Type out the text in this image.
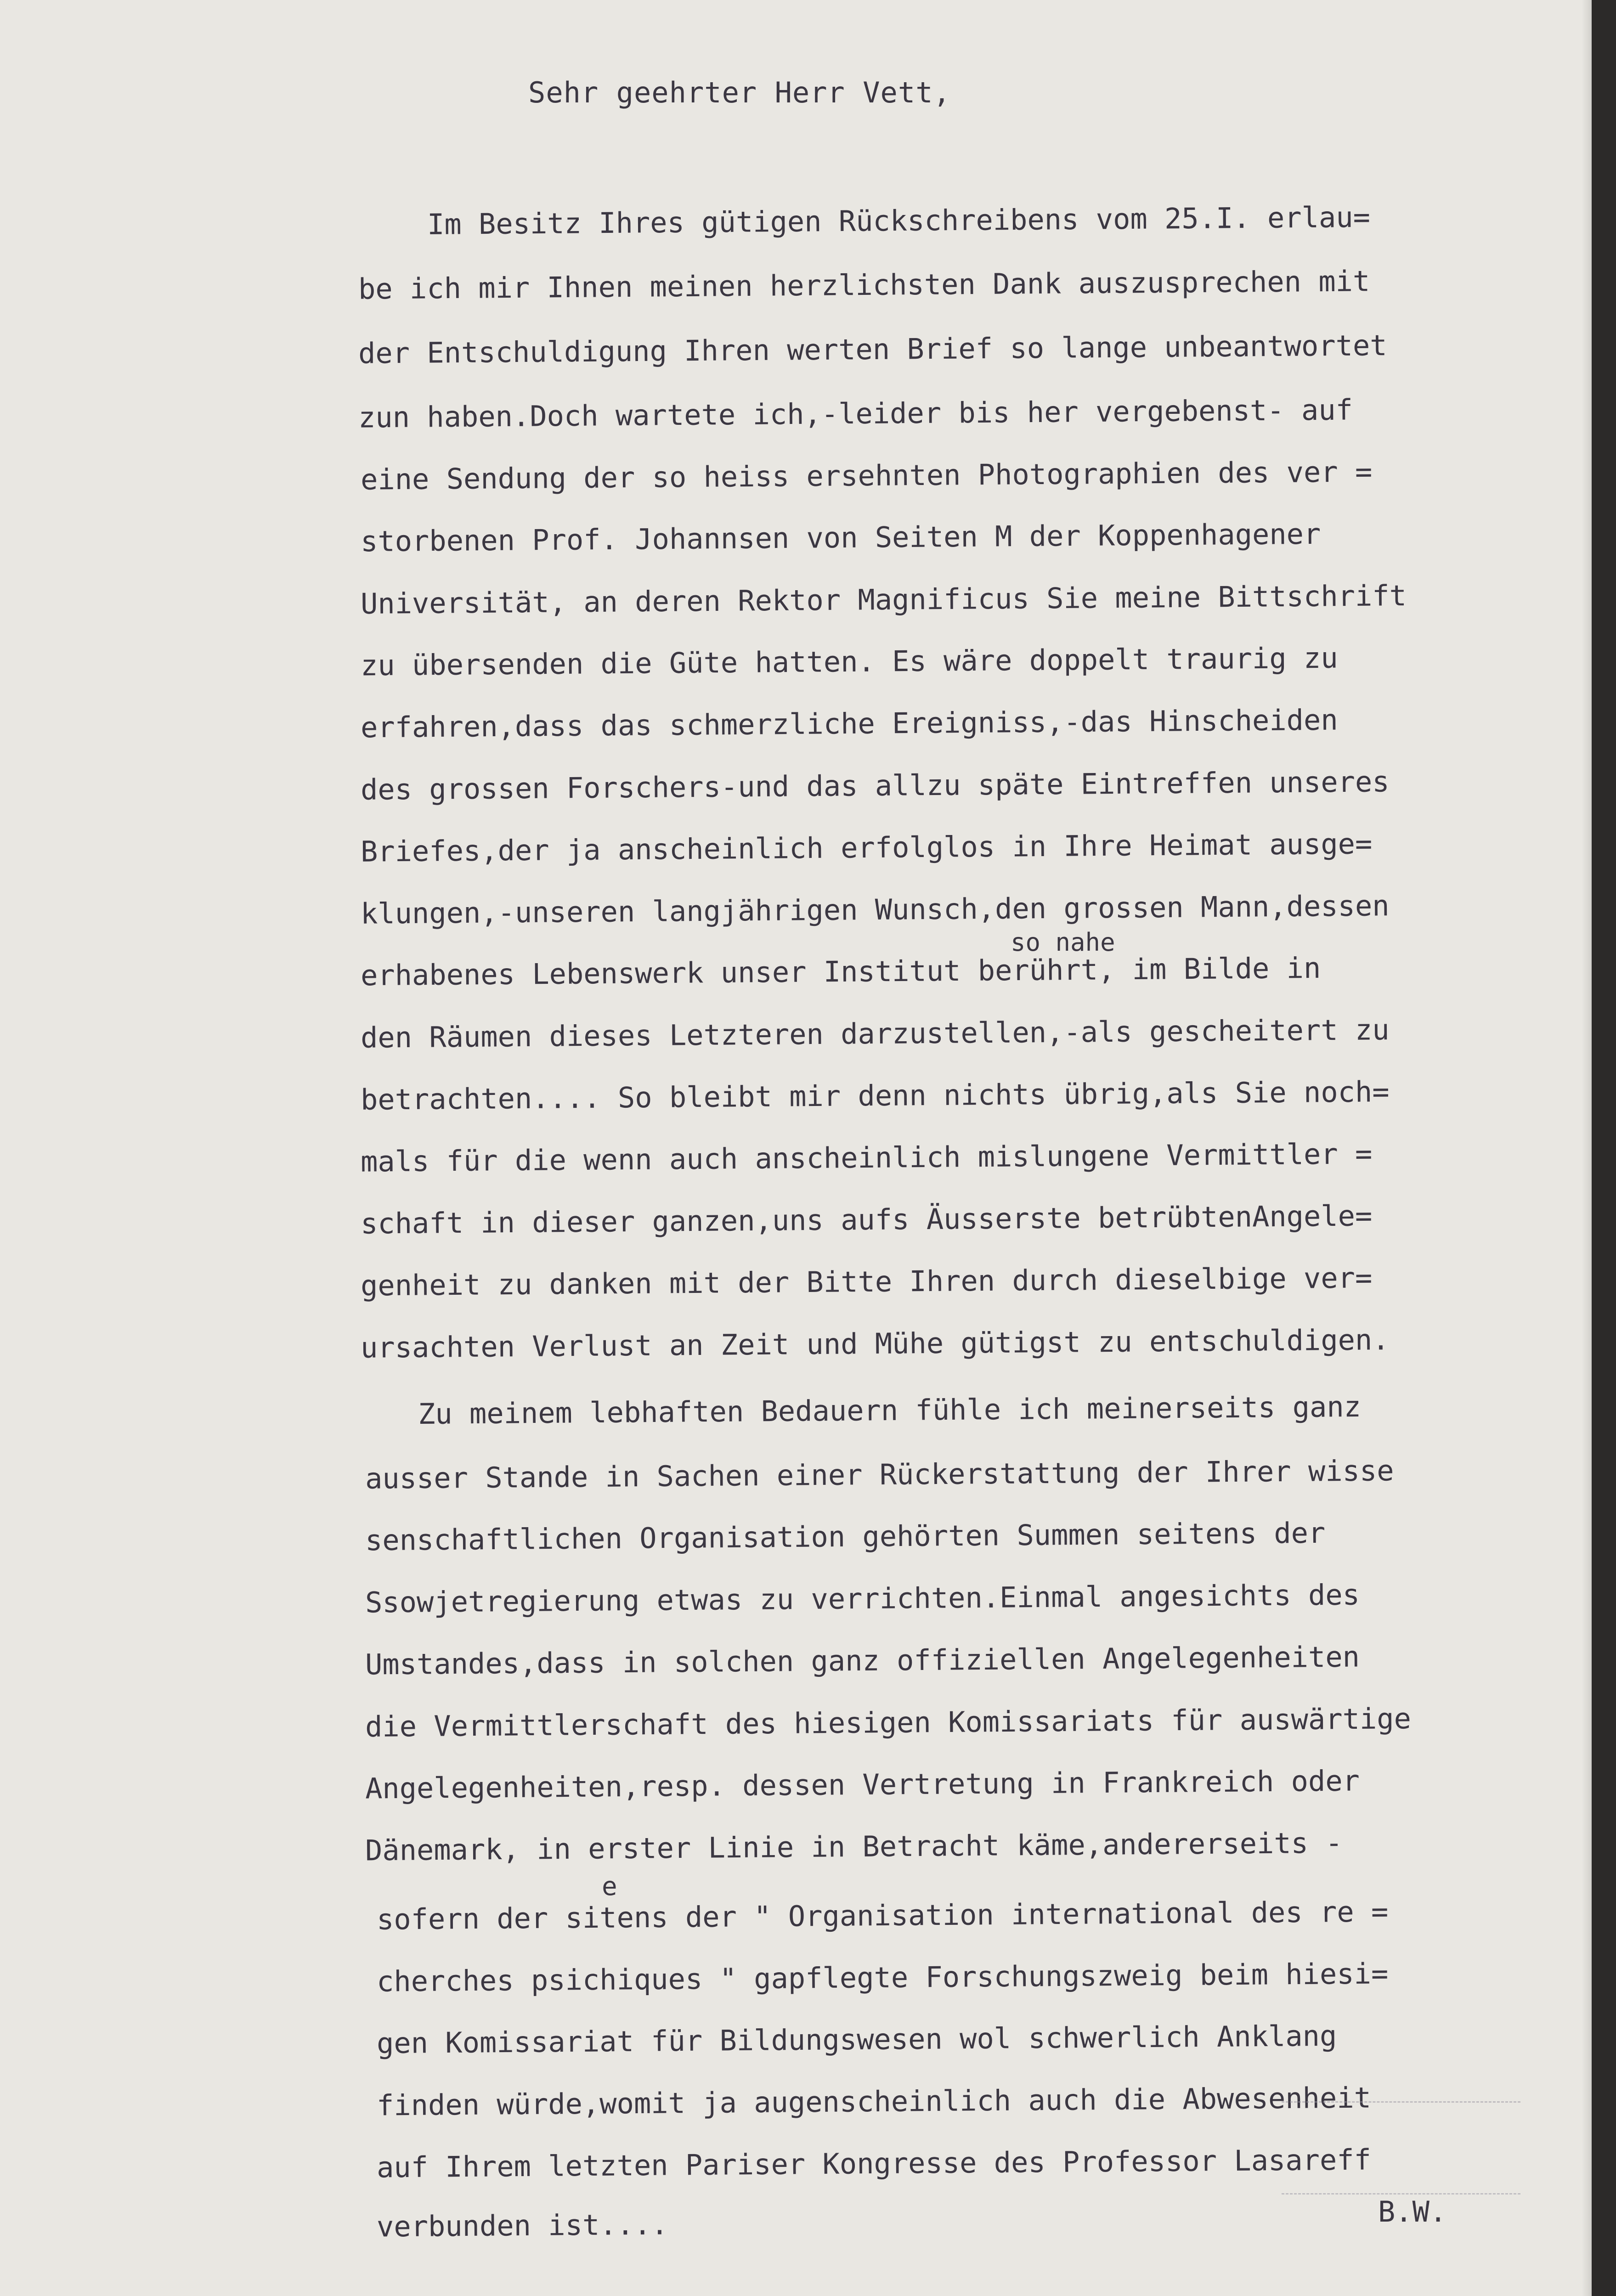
Sehr geehrter Herr Vett,
Im Besitz Ihres gütigen Rückschreibens vom 25.I. erlau=
be ich mir Ihnen meinen herzlichsten Dank auszusprechen mit
der Entschuldigung Ihren werten Brief so lange unbeantwortet
zun haben.Doch wartete ich,-leider bis her vergebenst- auf
eine Sendung der so heiss ersehnten Photographien des ver =
storbenen Prof. Johannsen von Seiten M der Koppenhagener
Universität, an deren Rektor Magnificus Sie meine Bittschrift
zu übersenden die Güte hatten. Es wäre doppelt traurig zu
erfahren,dass das schmerzliche Ereigniss,-das Hinscheiden
des grossen Forschers-und das allzu späte Eintreffen unseres
Briefes,der ja anscheinlich erfolglos in Ihre Heimat ausge=
klungen,-unseren langjährigen Wunsch,den grossen Mann,dessen
so nahe
erhabenes Lebenswerk unser Institut berührt, im Bilde in
den Räumen dieses Letzteren darzustellen,-als gescheitert zu
betrachten.... So bleibt mir denn nichts übrig,als Sie noch=
mals für die wenn auch anscheinlich mislungene Vermittler =
schaft in dieser ganzen,uns aufs Äusserste betrübtenAngele=
genheit zu danken mit der Bitte Ihren durch dieselbige ver=
ursachten Verlust an Zeit und Mühe gütigst zu entschuldigen.
Zu meinem lebhaften Bedauern fühle ich meinerseits ganz
ausser Stande in Sachen einer Rückerstattung der Ihrer wisse
senschaftlichen Organisation gehörten Summen seitens der
Ssowjetregierung etwas zu verrichten.Einmal angesichts des
Umstandes,dass in solchen ganz offiziellen Angelegenheiten
die Vermittlerschaft des hiesigen Komissariats für auswärtige
Angelegenheiten,resp. dessen Vertretung in Frankreich oder
Dänemark, in erster Linie in Betracht käme,andererseits -
e
sofern der sitens der " Organisation international des re =
cherches psichiques " gapflegte Forschungszweig beim hiesi=
gen Komissariat für Bildungswesen wol schwerlich Anklang
finden würde,womit ja augenscheinlich auch die Abwesenheit
auf Ihrem letzten Pariser Kongresse des Professor Lasareff
verbunden ist....	B.W.
